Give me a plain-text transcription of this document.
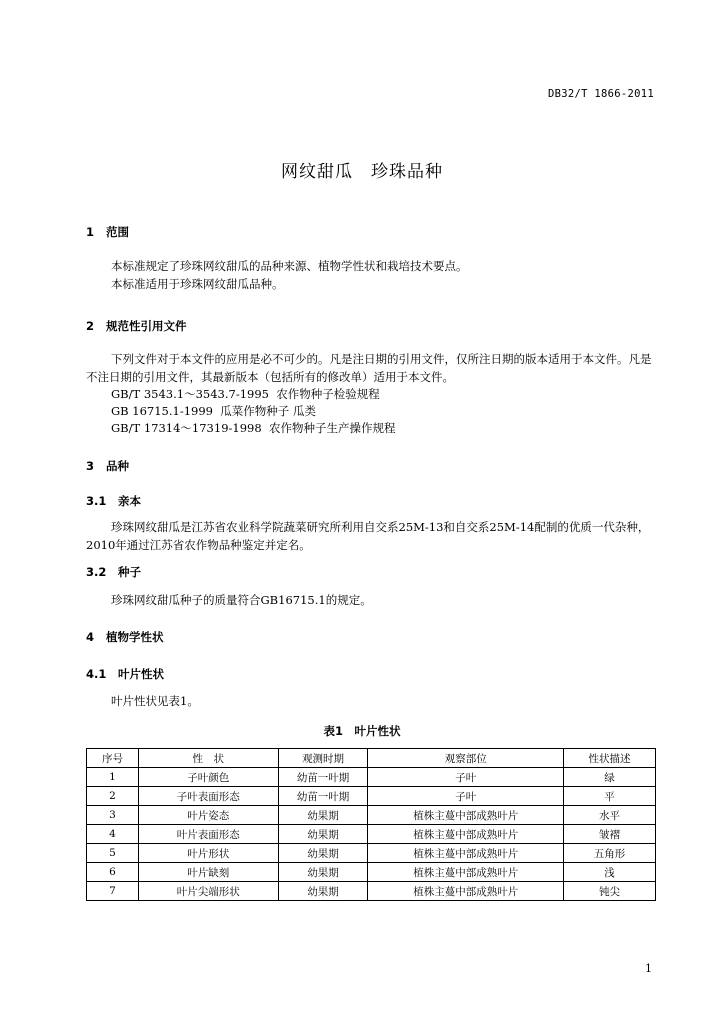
DB32/T 1866-2011
网纹甜瓜　珍珠品种
1 范围
本标准规定了珍珠网纹甜瓜的品种来源、植物学性状和栽培技术要点。
本标准适用于珍珠网纹甜瓜品种。
2 规范性引用文件
下列文件对于本文件的应用是必不可少的。凡是注日期的引用文件，仅所注日期的版本适用于本文件。凡是不注日期的引用文件，其最新版本（包括所有的修改单）适用于本文件。
GB/T 3543.1～3543.7-1995  农作物种子检验规程
GB 16715.1-1999  瓜菜作物种子 瓜类
GB/T 17314～17319-1998  农作物种子生产操作规程
3 品种
3.1 亲本
珍珠网纹甜瓜是江苏省农业科学院蔬菜研究所利用自交系25M-13和自交系25M-14配制的优质一代杂种，2010年通过江苏省农作物品种鉴定并定名。
3.2 种子
珍珠网纹甜瓜种子的质量符合GB16715.1的规定。
4 植物学性状
4.1 叶片性状
叶片性状见表1。
表1　叶片性状
序号	性　状	观测时期	观察部位	性状描述
1	子叶颜色	幼苗一叶期	子叶	绿
2	子叶表面形态	幼苗一叶期	子叶	平
3	叶片姿态	幼果期	植株主蔓中部成熟叶片	水平
4	叶片表面形态	幼果期	植株主蔓中部成熟叶片	皱褶
5	叶片形状	幼果期	植株主蔓中部成熟叶片	五角形
6	叶片缺刻	幼果期	植株主蔓中部成熟叶片	浅
7	叶片尖端形状	幼果期	植株主蔓中部成熟叶片	钝尖
1
